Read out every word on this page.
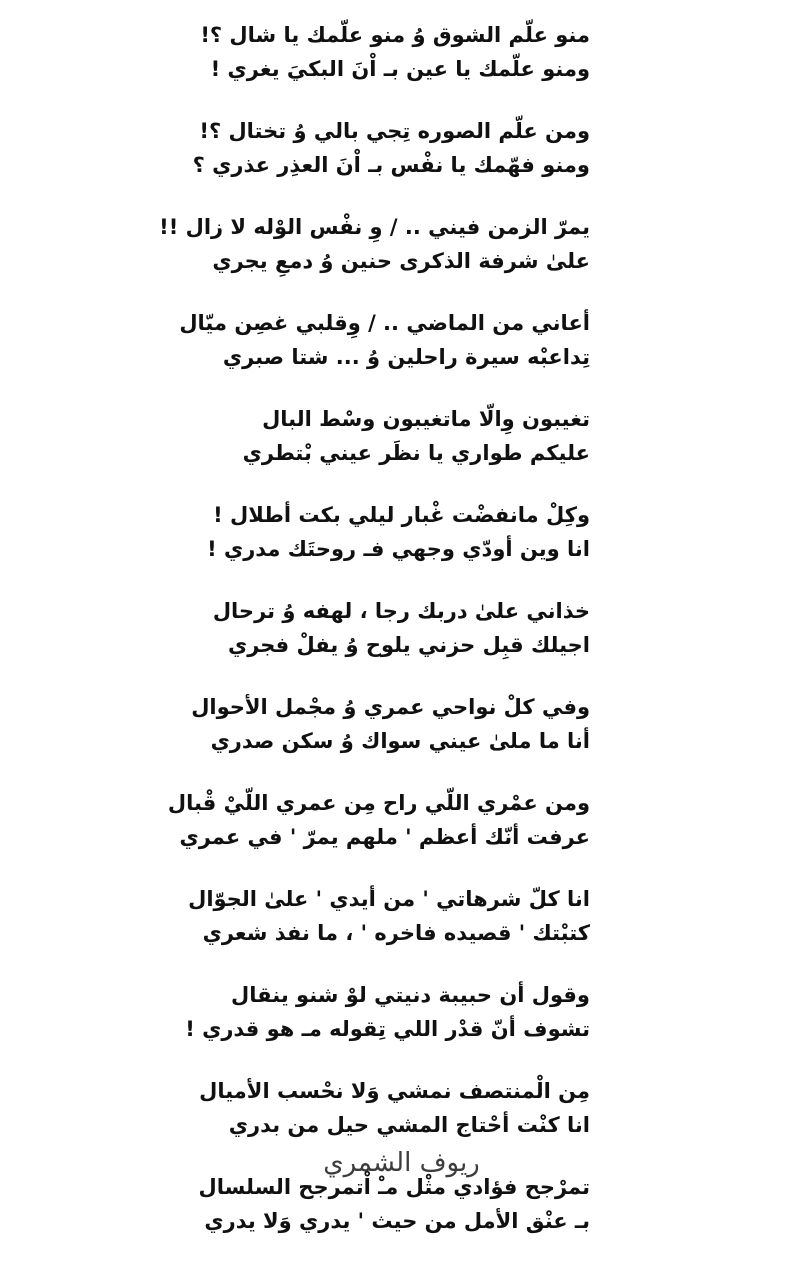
منو علّم الشوق وُ منو علّمك يا شال ؟!
ومنو علّمك يا عين بـ اْنَ البكيَ يغري !
ومن علّم الصوره تِجي بالي وُ تختال ؟!
ومنو فهّمك يا نفْس بـ اْنَ العذِر عذري ؟
يمرّ الزمن فيني .. / وِ نفْس الوْله لا زال !!
علىٰ شرفة الذكرى حنين وُ دمعِ يجري
أعاني من الماضي .. / وِقلبي غصِن ميّال
تِداعبْه سيرة راحلين وُ ... شتا صبري
تغيبون وِالّا ماتغيبون وسْط البال
عليكم طواري يا نظَر عيني بْتطري
وكِلْ مانفضْت غْبار ليلي بكت أطلال !
انا وين أودّي وجهي فـ روحتَك مدري !
خذاني علىٰ دربك رجا ، لهفه وُ ترحال
اجيلك قبِل حزني يلوح وُ يفلْ فجري
وفي كلْ نواحي عمري وُ مجْمل الأحوال
أنا ما ملىٰ عيني سواك وُ سكن صدري
ومن عمْري اللّي راح مِن عمري اللّيْ قْبال
عرفت أنّك أعظم ' ملهم يمرّ ' في عمري
انا كلّ شرهاتي ' من أيدي ' علىٰ الجوّال
كتبْتك ' قصيده فاخره ' ، ما نفذ شعري
وقول أن حبيبة دنيتي لوْ شنو ينقال
تشوف أنّ قدْر اللي تِقوله مـ هو قدري !
مِن الْمنتصف نمشي وَلا نحْسب الأميال
انا كنْت أحْتاج المشي حيل من بدري
تمرْجح فؤادي مثْل مـْ اْتمرجح السلسال
بـ عنْق الأمل من حيث ' يدري وَلا يدري
ريوف الشمري
